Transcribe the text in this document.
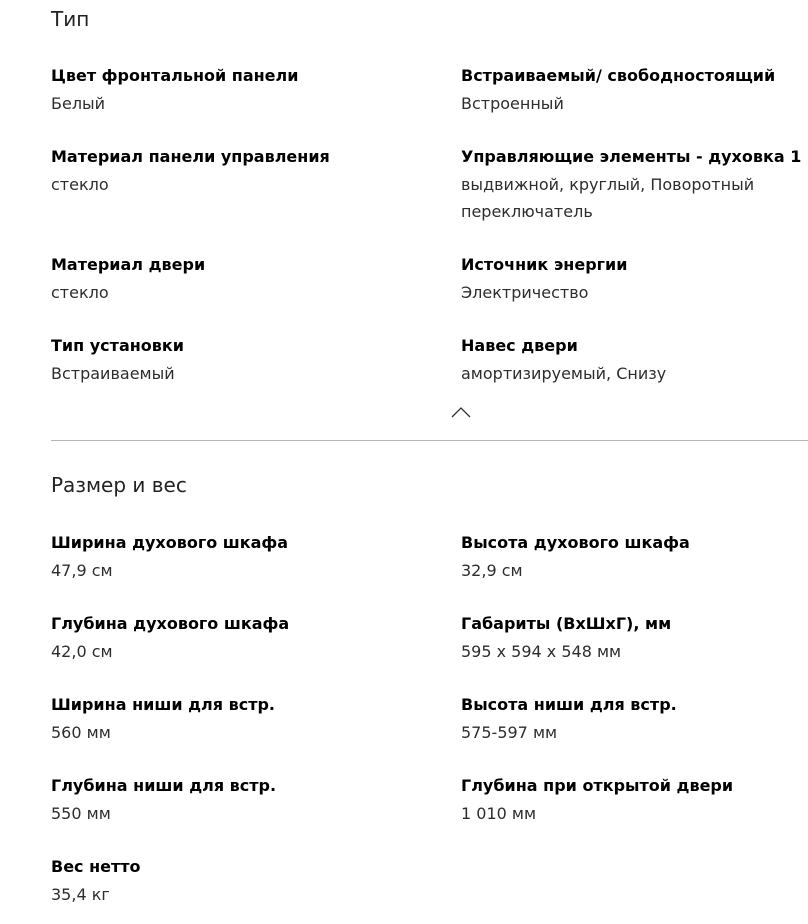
Тип
Цвет фронтальной панели
Белый
Встраиваемый/ свободностоящий
Встроенный
Материал панели управления
стекло
Управляющие элементы - духовка 1
выдвижной, круглый, Поворотный
переключатель
Материал двери
стекло
Источник энергии
Электричество
Тип установки
Встраиваемый
Навес двери
амортизируемый, Снизу
Размер и вес
Ширина духового шкафа
47,9 см
Высота духового шкафа
32,9 см
Глубина духового шкафа
42,0 см
Габариты (ВхШхГ), мм
595 x 594 x 548 мм
Ширина ниши для встр.
560 мм
Высота ниши для встр.
575-597 мм
Глубина ниши для встр.
550 мм
Глубина при открытой двери
1 010 мм
Вес нетто
35,4 кг
